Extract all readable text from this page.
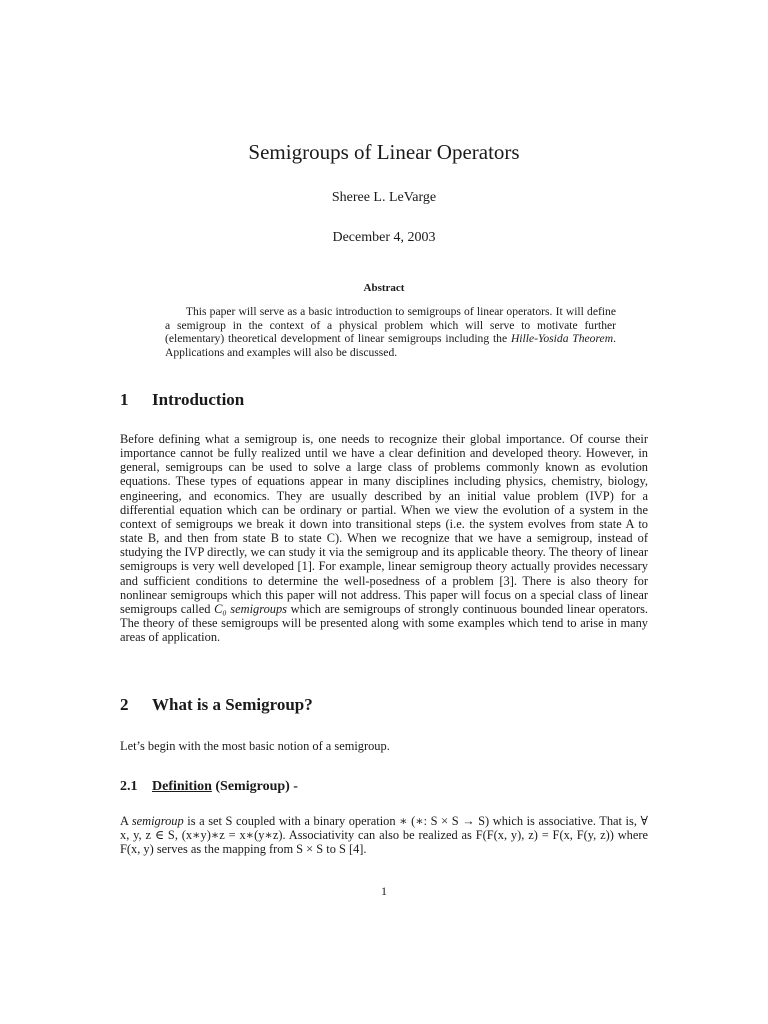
Semigroups of Linear Operators
Sheree L. LeVarge
December 4, 2003
Abstract

This paper will serve as a basic introduction to semigroups of linear operators. It will define a semigroup in the context of a physical problem which will serve to motivate further (elementary) theoretical development of linear semigroups including the Hille-Yosida Theorem. Applications and examples will also be discussed.

1 Introduction

Before defining what a semigroup is, one needs to recognize their global importance. Of course their importance cannot be fully realized until we have a clear definition and developed theory. However, in general, semigroups can be used to solve a large class of problems commonly known as evolution equations. These types of equations appear in many disciplines including physics, chemistry, biology, engineering, and economics. They are usually described by an initial value problem (IVP) for a differential equation which can be ordinary or partial. When we view the evolution of a system in the context of semigroups we break it down into transitional steps (i.e. the system evolves from state A to state B, and then from state B to state C). When we recognize that we have a semigroup, instead of studying the IVP directly, we can study it via the semigroup and its applicable theory. The theory of linear semigroups is very well developed [1]. For example, linear semigroup theory actually provides necessary and sufficient conditions to determine the well-posedness of a problem [3]. There is also theory for nonlinear semigroups which this paper will not address. This paper will focus on a special class of linear semigroups called C₀ semigroups which are semigroups of strongly continuous bounded linear operators. The theory of these semigroups will be presented along with some examples which tend to arise in many areas of application.

2 What is a Semigroup?

Let’s begin with the most basic notion of a semigroup.

2.1 Definition (Semigroup) -

A semigroup is a set S coupled with a binary operation ∗ (∗: S × S → S) which is associative. That is, ∀ x, y, z ∈ S, (x∗y)∗z = x∗(y∗z). Associativity can also be realized as F(F(x, y), z) = F(x, F(y, z)) where F(x, y) serves as the mapping from S × S to S [4].

1
